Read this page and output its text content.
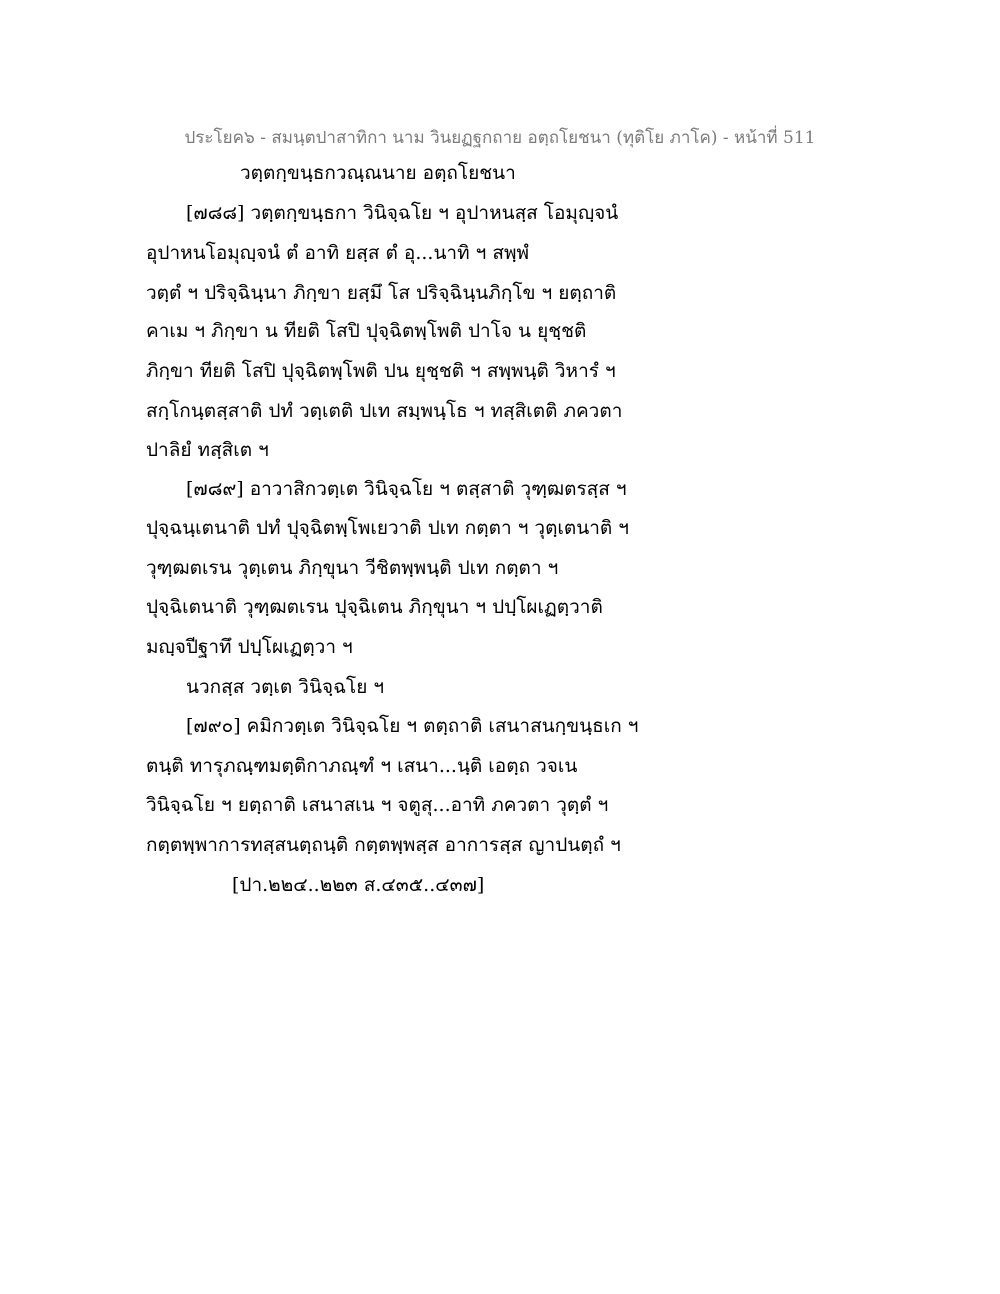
ประโยค๖ - สมนฺตปาสาทิกา นาม วินยฏฐกถาย อตฺถโยชนา (ทุติโย ภาโค) - หน้าที่ 511
วตฺตกฺขนฺธกวณฺณนาย อตฺถโยชนา
[๗๘๘] วตฺตกฺขนฺธกา วินิจฺฉโย ฯ อุปาหนสฺส โอมุญฺจนํ
อุปาหนโอมุญฺจนํ ตํ อาทิ ยสฺส ตํ อุ...นาทิ ฯ สพฺพํ
วตฺตํ ฯ ปริจฺฉินฺนา ภิกฺขา ยสฺมึ โส ปริจฺฉินฺนภิกฺโข ฯ ยตฺถาติ
คาเม ฯ ภิกฺขา น ทียติ โสปิ ปุจฺฉิตพฺโพติ ปาโจ น ยุชฺชติ
ภิกฺขา ทียติ โสปิ ปุจฺฉิตพฺโพติ ปน ยุชฺชติ ฯ สพฺพนฺติ วิหารํ ฯ
สกฺโกนฺตสฺสาติ ปทํ วตฺเตติ ปเท สมฺพนฺโธ ฯ ทสฺสิเตติ ภควตา
ปาลิยํ ทสฺสิเต ฯ
[๗๘๙] อาวาสิกวตฺเต วินิจฺฉโย ฯ ตสฺสาติ วุฑฺฒตรสฺส ฯ
ปุจฺฉนฺเตนาติ ปทํ ปุจฺฉิตพฺโพเยวาติ ปเท กตฺตา ฯ วุตฺเตนาติ ฯ
วุฑฺฒตเรน วุตฺเตน ภิกฺขุนา วีชิตพฺพนฺติ ปเท กตฺตา ฯ
ปุจฺฉิเตนาติ วุฑฺฒตเรน ปุจฺฉิเตน ภิกฺขุนา ฯ ปปฺโผเฏตฺวาติ
มญฺจปีฐาทึ ปปฺโผเฏตฺวา ฯ
นวกสฺส วตฺเต วินิจฺฉโย ฯ
[๗๙๐] คมิกวตฺเต วินิจฺฉโย ฯ ตตฺถาติ เสนาสนกฺขนฺธเก ฯ
ตนฺติ ทารุภณฺฑมตฺติกาภณฺฑํ ฯ เสนา...นฺติ เอตฺถ วจเน
วินิจฺฉโย ฯ ยตฺถาติ เสนาสเน ฯ จตูสุ...อาทิ ภควตา วุตฺตํ ฯ
กตฺตพฺพาการทสฺสนตฺถนฺติ กตฺตพฺพสฺส อาการสฺส ญาปนตฺถํ ฯ
[ปา.๒๒๔..๒๒๓ ส.๔๓๕..๔๓๗]
